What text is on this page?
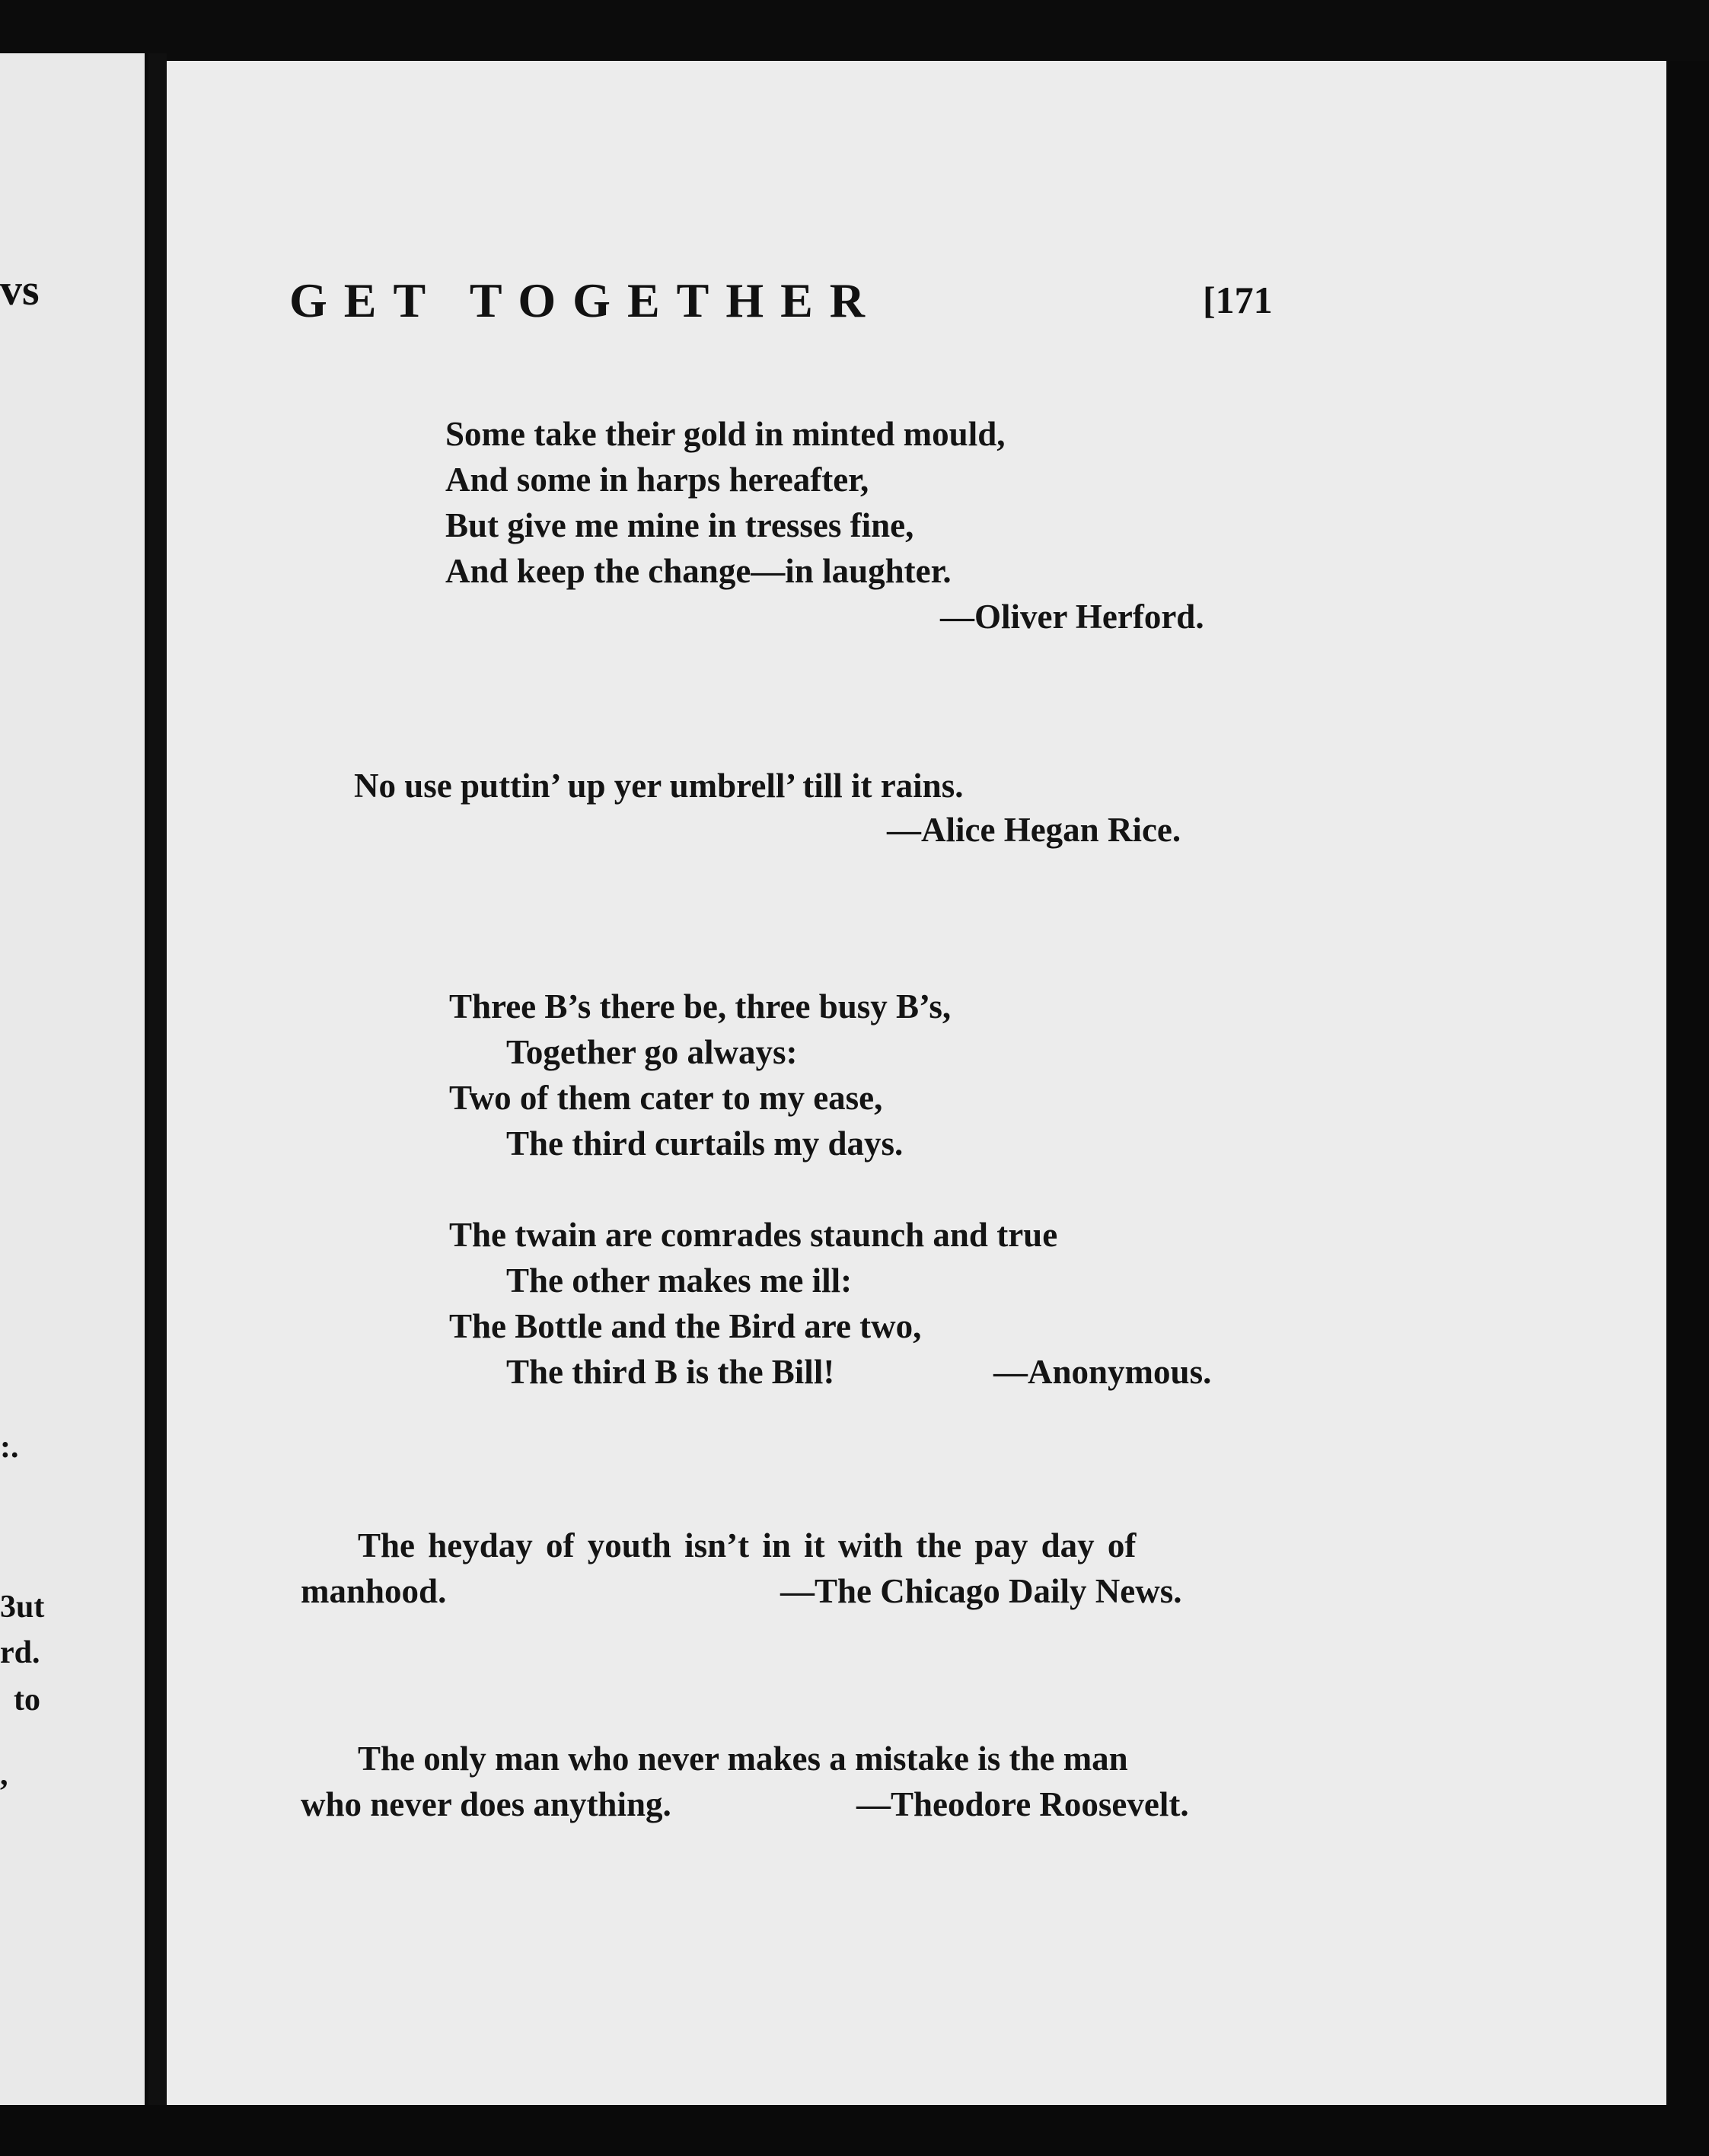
vs
:.
3ut
rd.
to
,
GET TOGETHER	[171
Some take their gold in minted mould,
And some in harps hereafter,
But give me mine in tresses fine,
And keep the change—in laughter.
—Oliver Herford.
No use puttin’ up yer umbrell’ till it rains.
—Alice Hegan Rice.
Three B’s there be, three busy B’s,
Together go always:
Two of them cater to my ease,
The third curtails my days.
The twain are comrades staunch and true
The other makes me ill:
The Bottle and the Bird are two,
The third B is the Bill!	—Anonymous.
The heyday of youth isn’t in it with the pay day of
manhood.	—The Chicago Daily News.
The only man who never makes a mistake is the man
who never does anything.	—Theodore Roosevelt.
